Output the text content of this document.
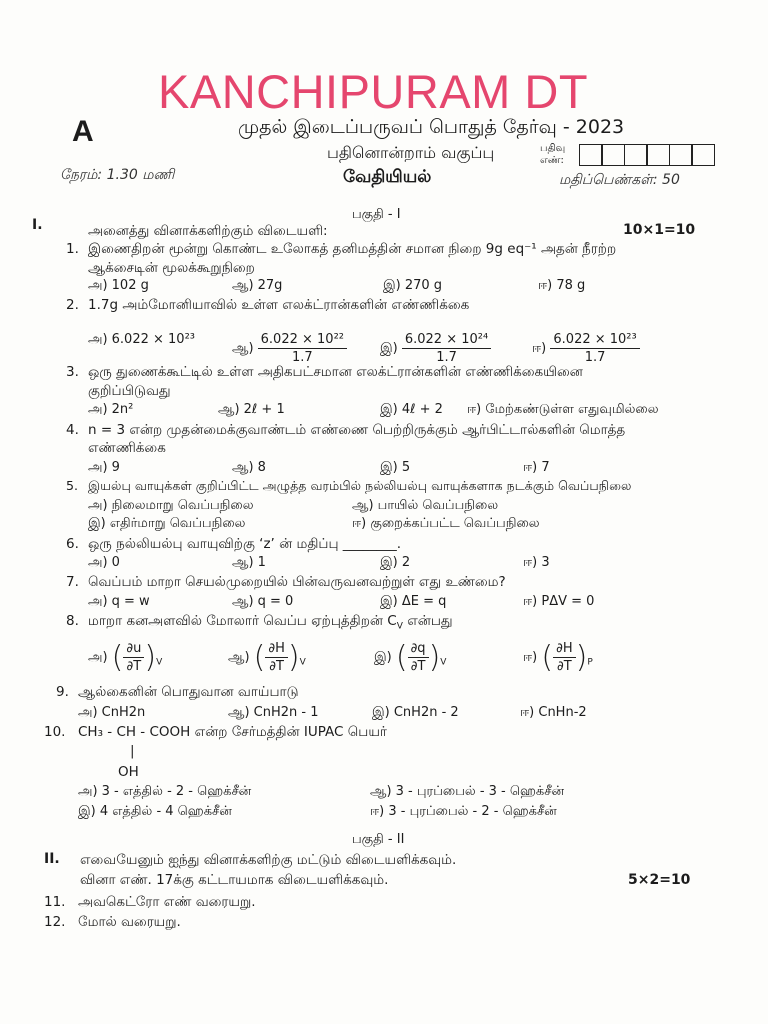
KANCHIPURAM DT
A	முதல் இடைப்பருவப் பொதுத் தேர்வு - 2023
பதினொன்றாம் வகுப்பு	பதிவு எண்:
நேரம்: 1.30 மணி	வேதியியல்	மதிப்பெண்கள்: 50
பகுதி - I
I.	அனைத்து வினாக்களிற்கும் விடையளி:	10×1=10
1. இணைதிறன் மூன்று கொண்ட உலோகத் தனிமத்தின் சமான நிறை 9g eq⁻¹ அதன் நீரற்ற
ஆக்சைடின் மூலக்கூறுநிறை
அ) 102 g	ஆ) 27g	இ) 270 g	ஈ) 78 g
2. 1.7g அம்மோனியாவில் உள்ள எலக்ட்ரான்களின் எண்ணிக்கை
அ) 6.022 × 10²³
ஆ) $\frac{\text{6.022 × 10²²}}{1.7}$	இ) $\frac{\text{6.022 × 10²⁴}}{1.7}$	ஈ) $\frac{\text{6.022 × 10²³}}{1.7}$
3. ஒரு துணைக்கூட்டில் உள்ள அதிகபட்சமான எலக்ட்ரான்களின் எண்ணிக்கையினை
குறிப்பிடுவது
அ) 2n²	ஆ) 2ℓ + 1	இ) 4ℓ + 2 ஈ) மேற்கண்டுள்ள எதுவுமில்லை
4. n = 3 என்ற முதன்மைக்குவாண்டம் எண்ணை பெற்றிருக்கும் ஆர்பிட்டால்களின் மொத்த
எண்ணிக்கை
அ) 9	ஆ) 8	இ) 5	ஈ) 7
5. இயல்பு வாயுக்கள் குறிப்பிட்ட அழுத்த வரம்பில் நல்லியல்பு வாயுக்களாக நடக்கும் வெப்பநிலை
அ) நிலைமாறு வெப்பநிலை	ஆ) பாயில் வெப்பநிலை
இ) எதிர்மாறு வெப்பநிலை	ஈ) குறைக்கப்பட்ட வெப்பநிலை
6. ஒரு நல்லியல்பு வாயுவிற்கு ‘z’ ன் மதிப்பு ________.
அ) 0	ஆ) 1	இ) 2	ஈ) 3
7. வெப்பம் மாறா செயல்முறையில் பின்வருவனவற்றுள் எது உண்மை?
அ) q = w	ஆ) q = 0	இ) ΔE = q	ஈ) PΔV = 0
8. மாறா கனஅளவில் மோலார் வெப்ப ஏற்புத்திறன் $C_V$ என்பது
அ) ( $\frac{\partial u}{\partial T} )_V$	ஆ) ( $\frac{\partial H}{\partial T} )_V$	இ) ( $\frac{\partial q}{\partial T} )_V$	ஈ) ( $\frac{\partial H}{\partial T} )_P$
9. ஆல்கைனின் பொதுவான வாய்பாடு
அ) CnH2n	ஆ) CnH2n - 1	இ) CnH2n - 2	ஈ) CnHn-2
10. CH₃ - CH - COOH என்ற சேர்மத்தின் IUPAC பெயர்
|
OH
அ) 3 - எத்தில் - 2 - ஹெக்சீன்	ஆ) 3 - புரப்பைல் - 3 - ஹெக்சீன்
இ) 4 எத்தில் - 4 ஹெக்சீன்	ஈ) 3 - புரப்பைல் - 2 - ஹெக்சீன்
பகுதி - II
II. எவையேனும் ஐந்து வினாக்களிற்கு மட்டும் விடையளிக்கவும்.
வினா எண். 17க்கு கட்டாயமாக விடையளிக்கவும்.	5×2=10
11. அவகெட்ரோ எண் வரையறு.
12. மோல் வரையறு.
